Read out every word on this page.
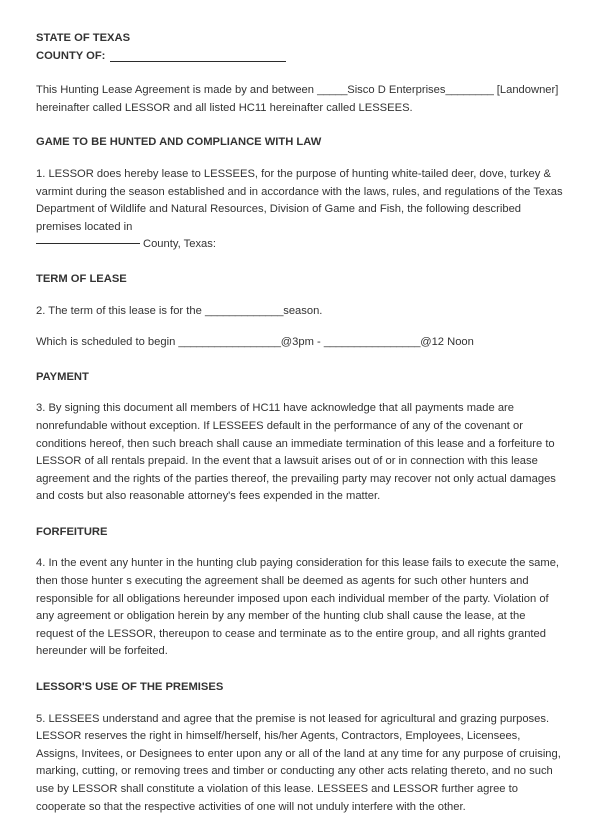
STATE OF TEXAS
COUNTY OF:

This Hunting Lease Agreement is made by and between _____Sisco D Enterprises________ [Landowner] hereinafter called LESSOR and all listed HC11 hereinafter called LESSEES.

GAME TO BE HUNTED AND COMPLIANCE WITH LAW

1. LESSOR does hereby lease to LESSEES, for the purpose of hunting white-tailed deer, dove, turkey & varmint during the season established and in accordance with the laws, rules, and regulations of the Texas Department of Wildlife and Natural Resources, Division of Game and Fish, the following described premises located in
County, Texas:

TERM OF LEASE

2. The term of this lease is for the _____________season.

Which is scheduled to begin _________________@3pm - ________________@12 Noon

PAYMENT

3. By signing this document all members of HC11 have acknowledge that all payments made are nonrefundable without exception. If LESSEES default in the performance of any of the covenant or conditions hereof, then such breach shall cause an immediate termination of this lease and a forfeiture to LESSOR of all rentals prepaid. In the event that a lawsuit arises out of or in connection with this lease agreement and the rights of the parties thereof, the prevailing party may recover not only actual damages and costs but also reasonable attorney's fees expended in the matter.

FORFEITURE

4. In the event any hunter in the hunting club paying consideration for this lease fails to execute the same, then those hunter s executing the agreement shall be deemed as agents for such other hunters and responsible for all obligations hereunder imposed upon each individual member of the party. Violation of any agreement or obligation herein by any member of the hunting club shall cause the lease, at the request of the LESSOR, thereupon to cease and terminate as to the entire group, and all rights granted hereunder will be forfeited.

LESSOR'S USE OF THE PREMISES

5. LESSEES understand and agree that the premise is not leased for agricultural and grazing purposes. LESSOR reserves the right in himself/herself, his/her Agents, Contractors, Employees, Licensees, Assigns, Invitees, or Designees to enter upon any or all of the land at any time for any purpose of cruising, marking, cutting, or removing trees and timber or conducting any other acts relating thereto, and no such use by LESSOR shall constitute a violation of this lease. LESSEES and LESSOR further agree to cooperate so that the respective activities of one will not unduly interfere with the other.
